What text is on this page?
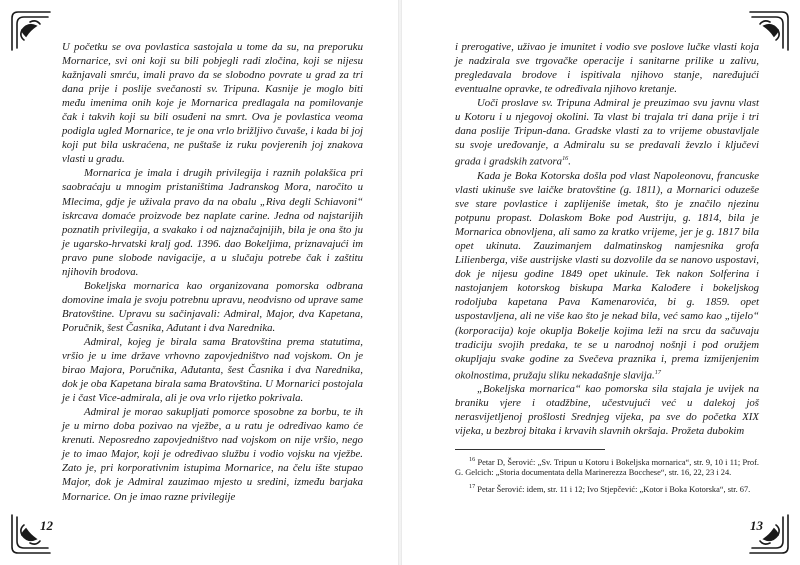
U početku se ova povlastica sastojala u tome da su, na preporuku Mornarice, svi oni koji su bili pobjegli radi zločina, koji se nijesu kažnjavali smrću, imali pravo da se slobodno povrate u grad za tri dana prije i poslije svečanosti sv. Tripuna. Kasnije je moglo biti među imenima onih koje je Mornarica predlagala na pomilovanje čak i takvih koji su bili osuđeni na smrt. Ova je povlastica veoma podigla ugled Mornarice, te je ona vrlo brižljivo čuvaše, i kada bi joj koji put bila uskraćena, ne puštaše iz ruku povjerenih joj znakova vlasti u gradu.

Mornarica je imala i drugih privilegija i raznih polakšica pri saobraćaju u mnogim pristaništima Jadranskog Mora, naročito u Mlecima, gdje je uživala pravo da na obalu „Riva degli Schiavoni“ iskrcava domaće proizvode bez naplate carine. Jedna od najstarijih poznatih privilegija, a svakako i od najznačajnijih, bila je ona što ju je ugarsko-hrvatski kralj god. 1396. dao Bokeljima, priznavajući im pravo pune slobode navigacije, a u slučaju potrebe čak i zaštitu njihovih brodova.

Bokeljska mornarica kao organizovana pomorska odbrana domovine imala je svoju potrebnu upravu, neodvisno od uprave same Bratovštine. Upravu su sačinjavali: Admiral, Major, dva Kapetana, Poručnik, šest Časnika, Ađutant i dva Narednika.

Admiral, kojeg je birala sama Bratovština prema statutima, vršio je u ime države vrhovno zapovjedništvo nad vojskom. On je birao Majora, Poručnika, Ađutanta, šest Časnika i dva Narednika, dok je oba Kapetana birala sama Bratovština. U Mornarici postojala je i čast Vice-admirala, ali je ova vrlo rijetko pokrivala.

Admiral je morao sakupljati pomorce sposobne za borbu, te ih je u mirno doba pozivao na vježbe, a u ratu je određivao kamo će krenuti. Neposredno zapovjedništvo nad vojskom on nije vršio, nego je to imao Major, koji je određivao službu i vodio vojsku na vježbe. Zato je, pri korporativnim istupima Mornarice, na čelu ište stupao Major, dok je Admiral zauzimao mjesto u sredini, između barjaka Mornarice. On je imao razne privilegije

12

i prerogative, uživao je imunitet i vodio sve poslove lučke vlasti koja je nadzirala sve trgovačke operacije i sanitarne prilike u zalivu, pregledavala brodove i ispitivala njihovo stanje, naređujući eventualne opravke, te određivala njihovo kretanje.

Uoči proslave sv. Tripuna Admiral je preuzimao svu javnu vlast u Kotoru i u njegovoj okolini. Ta vlast bi trajala tri dana prije i tri dana poslije Tripun-dana. Gradske vlasti za to vrijeme obustavljale su svoje uređovanje, a Admiralu su se predavali ževzlo i ključevi grada i gradskih zatvora$^{16}$.

Kada je Boka Kotorska došla pod vlast Napoleonovu, francuske vlasti ukinuše sve laičke bratovštine (g. 1811), a Mornarici oduzeše sve stare povlastice i zaplijeniše imetak, što je značilo njezinu potpunu propast. Dolaskom Boke pod Austriju, g. 1814, bila je Mornarica obnovljena, ali samo za kratko vrijeme, jer je g. 1817 bila opet ukinuta. Zauzimanjem dalmatinskog namjesnika grofa Lilienberga, više austrijske vlasti su dozvolile da se nanovo uspostavi, dok je nijesu godine 1849 opet ukinule. Tek nakon Solferina i nastojanjem kotorskog biskupa Marka Kalođere i bokeljskog rodoljuba kapetana Pava Kamenarovića, bi g. 1859. opet uspostavljena, ali ne više kao što je nekad bila, već samo kao „tijelo“ (korporacija) koje okuplja Bokelje kojima leži na srcu da sačuvaju tradiciju svojih predaka, te se u narodnoj nošnji i pod oružjem okupljaju svake godine za Svečeva praznika i, prema izmijenjenim okolnostima, pružaju sliku nekadašnje slavija.$^{17}$

„Bokeljska mornarica“ kao pomorska sila stajala je uvijek na braniku vjere i otadžbine, učestvujući već u dalekoj još nerasvijetljenoj prošlosti Srednjeg vijeka, pa sve do početka XIX vijeka, u bezbroj bitaka i krvavih slavnih okršaja. Prožeta dubokim

$^{16}$ Petar D, Šerović: „Sv. Tripun u Kotoru i Bokeljska mornarica“, str. 9, 10 i 11; Prof. G. Gelcich: „Storia documentata della Marinerezza Bocchese“, str. 16, 22, 23 i 24.

$^{17}$ Petar Šerović: idem, str. 11 i 12; Ivo Stjepčević: „Kotor i Boka Kotorska“, str. 67.

13
